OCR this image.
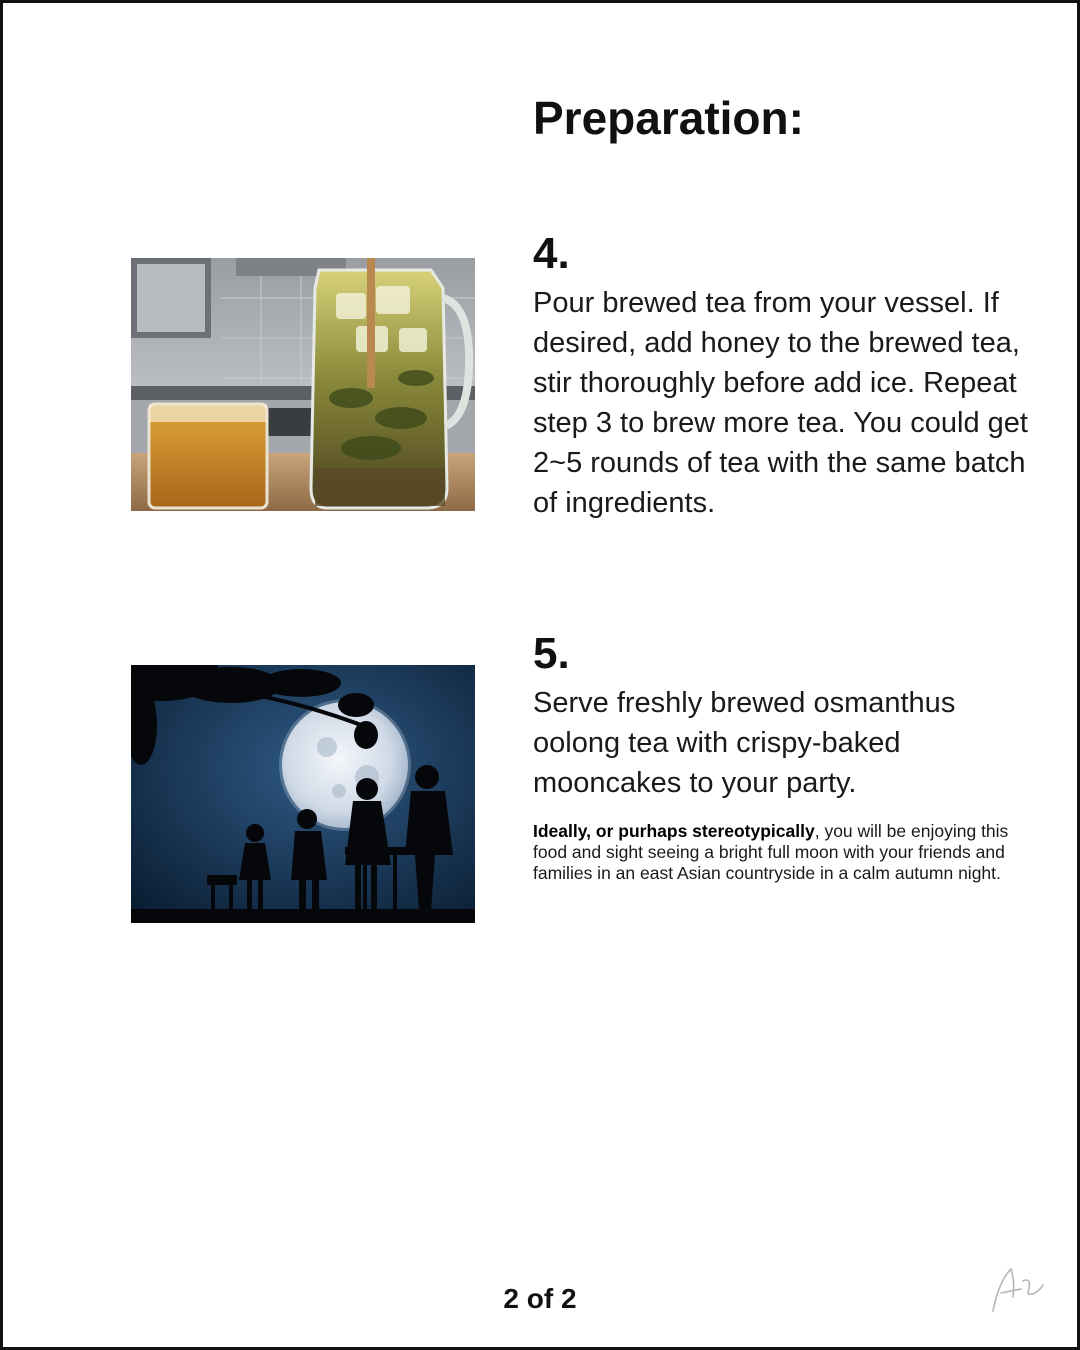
Preparation:

4.

Pour brewed tea from your vessel. If desired, add honey to the brewed tea, stir thoroughly before add ice. Repeat step 3 to brew more tea. You could get 2~5 rounds of tea with the same batch of ingredients.

5.

Serve freshly brewed osmanthus oolong tea with crispy-baked mooncakes to your party.

Ideally, or purhaps stereotypically, you will be enjoying this food and sight seeing a bright full moon with your friends and families in an east Asian countryside in a calm autumn night.

2 of 2
